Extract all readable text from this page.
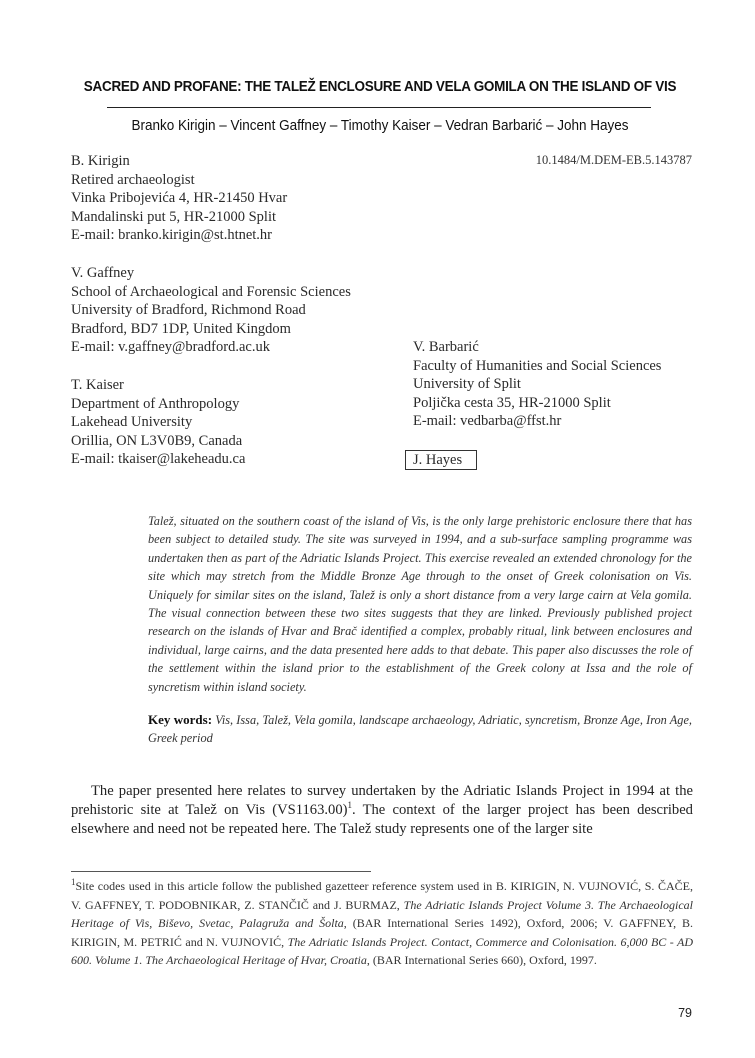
SACRED AND PROFANE: THE TALEŽ ENCLOSURE AND VELA GOMILA ON THE ISLAND OF VIS
Branko Kirigin – Vincent Gaffney – Timothy Kaiser – Vedran Barbarić – John Hayes
10.1484/M.DEM-EB.5.143787
B. Kirigin
Retired archaeologist
Vinka Pribojevića 4, HR-21450 Hvar
Mandalinski put 5, HR-21000 Split
E-mail: branko.kirigin@st.htnet.hr
V. Gaffney
School of Archaeological and Forensic Sciences
University of Bradford, Richmond Road
Bradford, BD7 1DP, United Kingdom
E-mail: v.gaffney@bradford.ac.uk
T. Kaiser
Department of Anthropology
Lakehead University
Orillia, ON L3V0B9, Canada
E-mail: tkaiser@lakeheadu.ca
V. Barbarić
Faculty of Humanities and Social Sciences
University of Split
Poljička cesta 35, HR-21000 Split
E-mail: vedbarba@ffst.hr
J. Hayes
Talež, situated on the southern coast of the island of Vis, is the only large prehistoric enclosure there that has been subject to detailed study. The site was surveyed in 1994, and a sub-surface sampling programme was undertaken then as part of the Adriatic Islands Project. This exercise revealed an extended chronology for the site which may stretch from the Middle Bronze Age through to the onset of Greek colonisation on Vis. Uniquely for similar sites on the island, Talež is only a short distance from a very large cairn at Vela gomila. The visual connection between these two sites suggests that they are linked. Previously published project research on the islands of Hvar and Brač identified a complex, probably ritual, link between enclosures and individual, large cairns, and the data presented here adds to that debate. This paper also discusses the role of the settlement within the island prior to the establishment of the Greek colony at Issa and the role of syncretism within island society.
Key words: Vis, Issa, Talež, Vela gomila, landscape archaeology, Adriatic, syncretism, Bronze Age, Iron Age, Greek period
The paper presented here relates to survey undertaken by the Adriatic Islands Project in 1994 at the prehistoric site at Talež on Vis $(VS1163.00)^1$. The context of the larger project has been described elsewhere and need not be repeated here. The Talež study represents one of the larger site
$^1$Site codes used in this article follow the published gazetteer reference system used in B. KIRIGIN, N. VUJNOVIĆ, S. ČAČE, V. GAFFNEY, T. PODOBNIKAR, Z. STANČIČ and J. BURMAZ, The Adriatic Islands Project Volume 3. The Archaeological Heritage of Vis, Biševo, Svetac, Palagruža and Šolta, (BAR International Series 1492), Oxford, 2006; V. GAFFNEY, B. KIRIGIN, M. PETRIĆ and N. VUJNOVIĆ, The Adriatic Islands Project. Contact, Commerce and Colonisation. 6,000 BC - AD 600. Volume 1. The Archaeological Heritage of Hvar, Croatia, (BAR International Series 660), Oxford, 1997.
79
